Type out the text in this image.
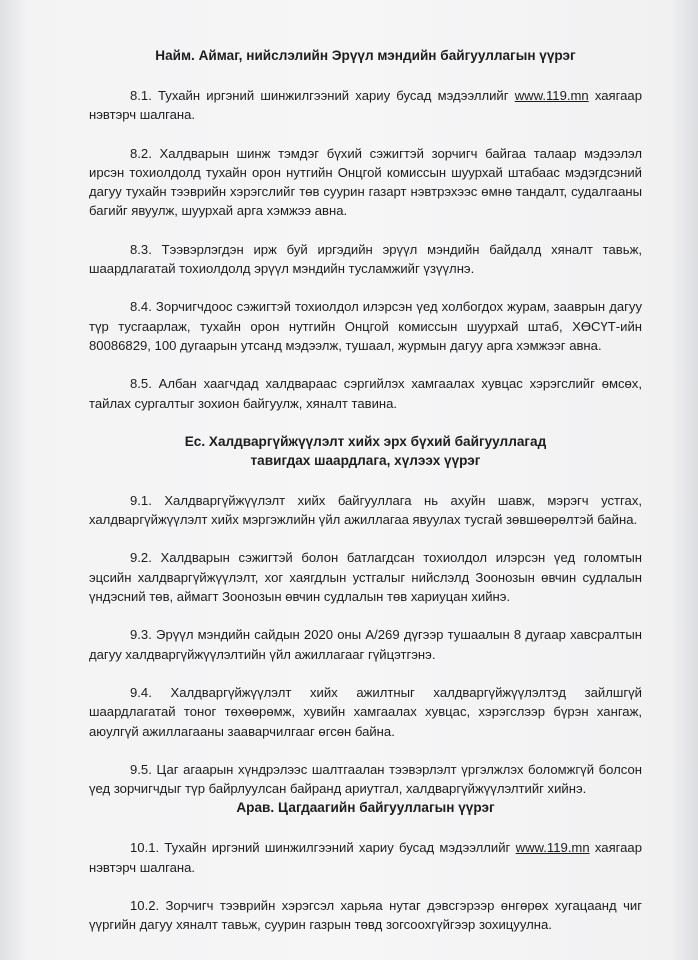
Найм. Аймаг, нийслэлийн Эрүүл мэндийн байгууллагын үүрэг
8.1. Тухайн иргэний шинжилгээний хариу бусад мэдээллийг www.119.mn хаягаар нэвтэрч шалгана.
8.2. Халдварын шинж тэмдэг бүхий сэжигтэй зорчигч байгаа талаар мэдээлэл ирсэн тохиолдолд тухайн орон нутгийн Онцгой комиссын шуурхай штабаас мэдэгдсэний дагуу тухайн тээврийн хэрэгслийг төв суурин газарт нэвтрэхээс өмнө тандалт, судалгааны багийг явуулж, шуурхай арга хэмжээ авна.
8.3. Тээвэрлэгдэн ирж буй иргэдийн эрүүл мэндийн байдалд хяналт тавьж, шаардлагатай тохиолдолд эрүүл мэндийн тусламжийг үзүүлнэ.
8.4. Зорчигчдоос сэжигтэй тохиолдол илэрсэн үед холбогдох журам, зааврын дагуу түр тусгаарлаж, тухайн орон нутгийн Онцгой комиссын шуурхай штаб, ХӨСҮТ-ийн 80086829, 100 дугаарын утсанд мэдээлж, тушаал, журмын дагуу арга хэмжээг авна.
8.5. Албан хаагчдад халдвараас сэргийлэх хамгаалах хувцас хэрэгслийг өмсөх, тайлах сургалтыг зохион байгуулж, хяналт тавина.
Ес. Халдваргүйжүүлэлт хийх эрх бүхий байгууллагад
тавигдах шаардлага, хүлээх үүрэг
9.1. Халдваргүйжүүлэлт хийх байгууллага нь ахуйн шавж, мэрэгч устгах, халдваргүйжүүлэлт хийх мэргэжлийн үйл ажиллагаа явуулах тусгай зөвшөөрөлтэй байна.
9.2. Халдварын сэжигтэй болон батлагдсан тохиолдол илэрсэн үед голомтын эцсийн халдваргүйжүүлэлт, хог хаягдлын устгалыг нийслэлд Зоонозын өвчин судлалын үндэсний төв, аймагт Зоонозын өвчин судлалын төв хариуцан хийнэ.
9.3. Эрүүл мэндийн сайдын 2020 оны А/269 дүгээр тушаалын 8 дугаар хавсралтын дагуу халдваргүйжүүлэлтийн үйл ажиллагааг гүйцэтгэнэ.
9.4. Халдваргүйжүүлэлт хийх ажилтныг халдваргүйжүүлэлтэд зайлшгүй шаардлагатай тоног төхөөрөмж, хувийн хамгаалах хувцас, хэрэгслээр бүрэн хангаж, аюулгүй ажиллагааны зааварчилгааг өгсөн байна.
9.5. Цаг агаарын хүндрэлээс шалтгаалан тээвэрлэлт үргэлжлэх боломжгүй болсон үед зорчигчдыг түр байрлуулсан байранд ариутгал, халдваргүйжүүлэлтийг хийнэ.
Арав. Цагдаагийн байгууллагын үүрэг
10.1. Тухайн иргэний шинжилгээний хариу бусад мэдээллийг www.119.mn хаягаар нэвтэрч шалгана.
10.2. Зорчигч тээврийн хэрэгсэл харьяа нутаг дэвсгэрээр өнгөрөх хугацаанд чиг үүргийн дагуу хяналт тавьж, суурин газрын төвд зогсоохгүйгээр зохицуулна.
